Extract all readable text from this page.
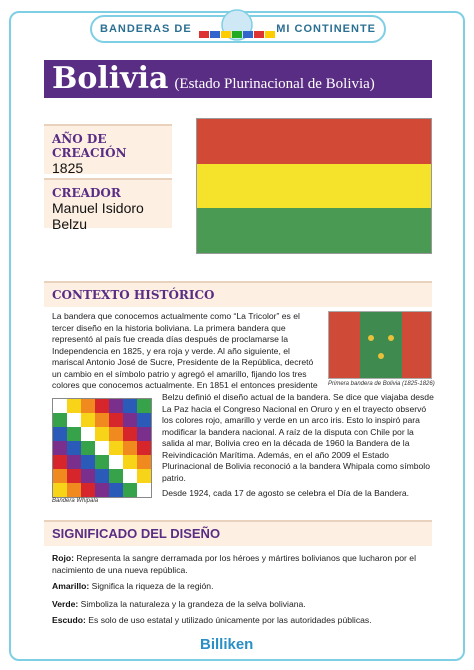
BANDERAS DE	MI CONTINENTE
Bolivia (Estado Plurinacional de Bolivia)
AÑO DE CREACIÓN
1825
CREADOR
Manuel Isidoro Belzu
CONTEXTO HISTÓRICO
La bandera que conocemos actualmente como “La Tricolor” es el tercer diseño en la historia boliviana. La primera bandera que representó al país fue creada días después de proclamarse la Independencia en 1825, y era roja y verde. Al año siguiente, el mariscal Antonio José de Sucre, Presidente de la República, decretó un cambio en el símbolo patrio y agregó el amarillo, fijando los tres colores que conocemos actualmente. En 1851 el entonces presidente	Primera bandera de Bolivia (1825-1826)
Bandera Whipala
Belzu definió el diseño actual de la bandera. Se dice que viajaba desde La Paz hacia el Congreso Nacional en Oruro y en el trayecto observó los colores rojo, amarillo y verde en un arco iris. Esto lo inspiró para modificar la bandera nacional. A raíz de la disputa con Chile por la salida al mar, Bolivia creo en la década de 1960 la Bandera de la Reivindicación Marítima. Además, en el año 2009 el Estado Plurinacional de Bolivia reconoció a la bandera Whipala como símbolo patrio.
Desde 1924, cada 17 de agosto se celebra el Día de la Bandera.
SIGNIFICADO DEL DISEÑO
Rojo: Representa la sangre derramada por los héroes y mártires bolivianos que lucharon por el nacimiento de una nueva república.
Amarillo: Significa la riqueza de la región.
Verde: Simboliza la naturaleza y la grandeza de la selva boliviana.
Escudo: Es solo de uso estatal y utilizado únicamente por las autoridades públicas.
Billiken
